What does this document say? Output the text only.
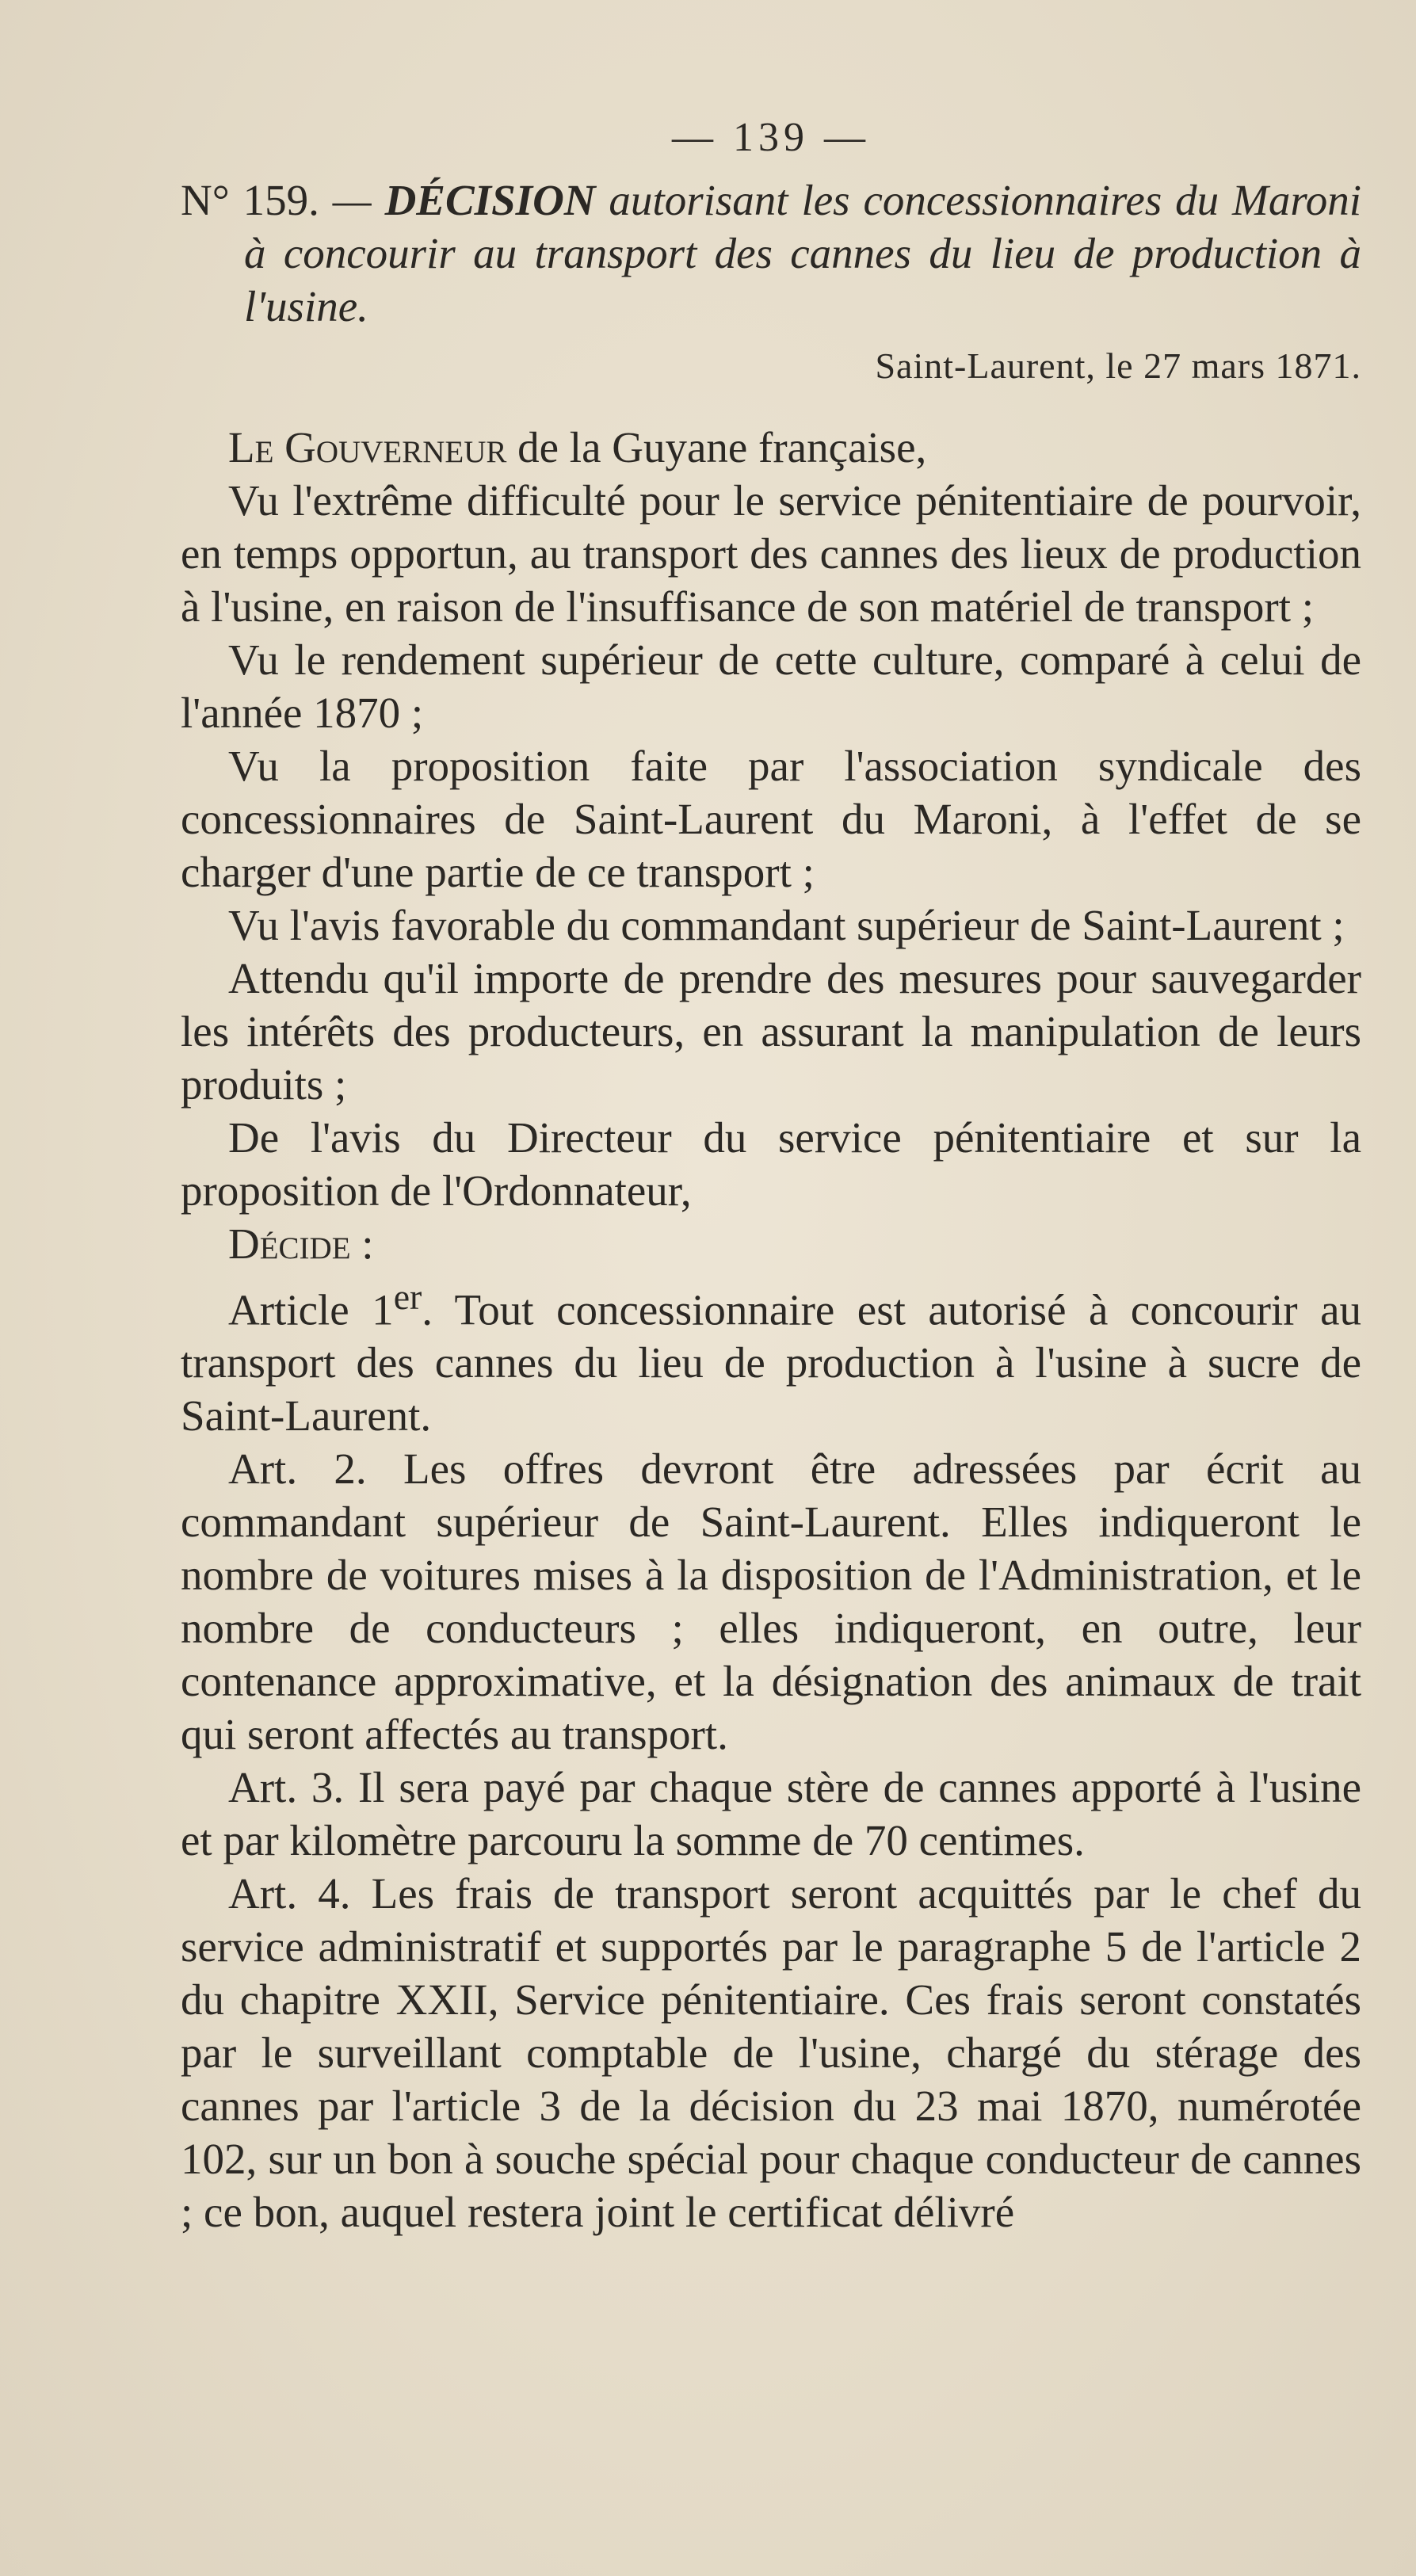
— 139 —

N° 159. — DÉCISION autorisant les concessionnaires du Maroni à concourir au transport des cannes du lieu de production à l'usine.

Saint-Laurent, le 27 mars 1871.

Le Gouverneur de la Guyane française,

Vu l'extrême difficulté pour le service pénitentiaire de pourvoir, en temps opportun, au transport des cannes des lieux de production à l'usine, en raison de l'insuffisance de son matériel de transport ;

Vu le rendement supérieur de cette culture, comparé à celui de l'année 1870 ;

Vu la proposition faite par l'association syndicale des concessionnaires de Saint-Laurent du Maroni, à l'effet de se charger d'une partie de ce transport ;

Vu l'avis favorable du commandant supérieur de Saint-Laurent ;

Attendu qu'il importe de prendre des mesures pour sauvegarder les intérêts des producteurs, en assurant la manipulation de leurs produits ;

De l'avis du Directeur du service pénitentiaire et sur la proposition de l'Ordonnateur,

Décide :

Article 1er. Tout concessionnaire est autorisé à concourir au transport des cannes du lieu de production à l'usine à sucre de Saint-Laurent.

Art. 2. Les offres devront être adressées par écrit au commandant supérieur de Saint-Laurent. Elles indiqueront le nombre de voitures mises à la disposition de l'Administration, et le nombre de conducteurs ; elles indiqueront, en outre, leur contenance approximative, et la désignation des animaux de trait qui seront affectés au transport.

Art. 3. Il sera payé par chaque stère de cannes apporté à l'usine et par kilomètre parcouru la somme de 70 centimes.

Art. 4. Les frais de transport seront acquittés par le chef du service administratif et supportés par le paragraphe 5 de l'article 2 du chapitre XXII, Service pénitentiaire. Ces frais seront constatés par le surveillant comptable de l'usine, chargé du stérage des cannes par l'article 3 de la décision du 23 mai 1870, numérotée 102, sur un bon à souche spécial pour chaque conducteur de cannes ; ce bon, auquel restera joint le certificat délivré
